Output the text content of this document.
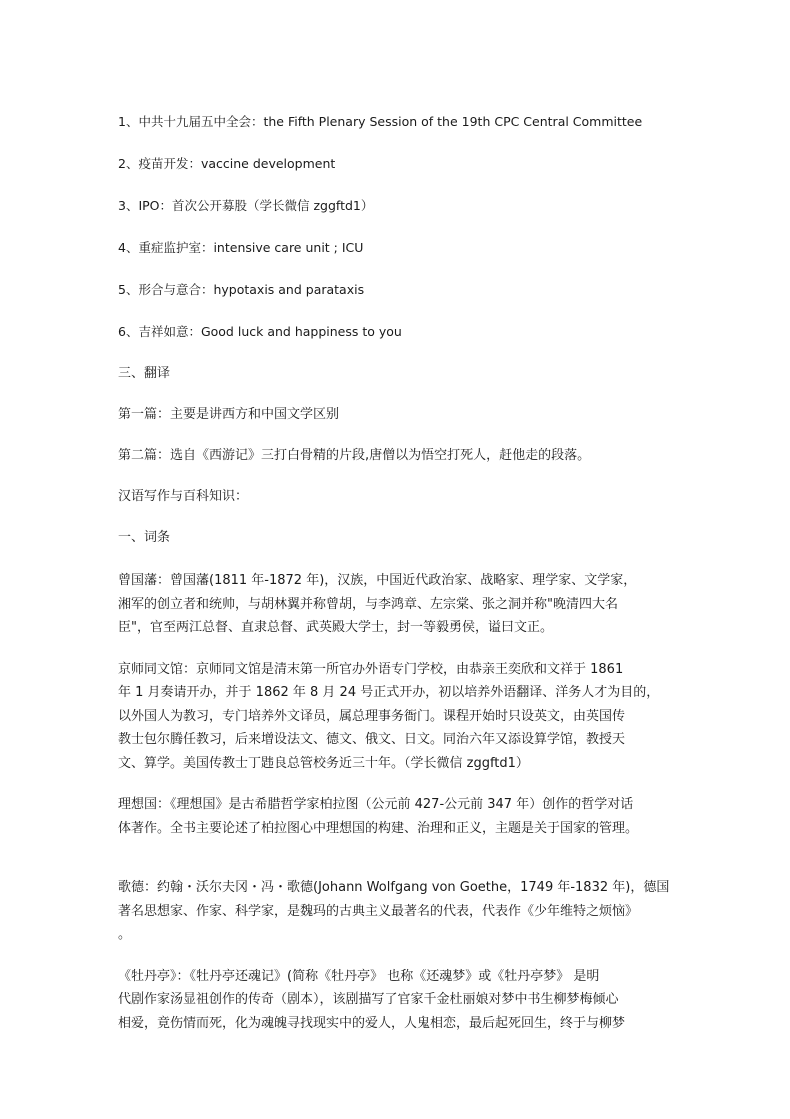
1、中共十九届五中全会：the Fifth Plenary Session of the 19th CPC Central Committee

2、疫苗开发：vaccine development

3、IPO：首次公开募股（学长微信 zggftd1）

4、重症监护室：intensive care unit ; ICU

5、形合与意合：hypotaxis and parataxis

6、吉祥如意：Good luck and happiness to you

三、翻译

第一篇：主要是讲西方和中国文学区别

第二篇：选自《西游记》三打白骨精的片段,唐僧以为悟空打死人，赶他走的段落。

汉语写作与百科知识：

一、词条

曾国藩：曾国藩(1811 年-1872 年)，汉族，中国近代政治家、战略家、理学家、文学家，
湘军的创立者和统帅，与胡林翼并称曾胡，与李鸿章、左宗棠、张之洞并称"晚清四大名
臣"，官至两江总督、直隶总督、武英殿大学士，封一等毅勇侯，谥曰文正。
京师同文馆：京师同文馆是清末第一所官办外语专门学校，由恭亲王奕欣和文祥于 1861
年 1 月奏请开办，并于 1862 年 8 月 24 号正式开办，初以培养外语翻译、洋务人才为目的，
以外国人为教习，专门培养外文译员，属总理事务衙门。课程开始时只设英文，由英国传
教士包尔腾任教习，后来增设法文、德文、俄文、日文。同治六年又添设算学馆，教授天
文、算学。美国传教士丁韪良总管校务近三十年。（学长微信 zggftd1）
理想国：《理想国》是古希腊哲学家柏拉图（公元前 427-公元前 347 年）创作的哲学对话
体著作。全书主要论述了柏拉图心中理想国的构建、治理和正义，主题是关于国家的管理。
歌德：约翰・沃尔夫冈・冯・歌德(Johann Wolfgang von Goethe，1749 年-1832 年)，德国
著名思想家、作家、科学家，是魏玛的古典主义最著名的代表，代表作《少年维特之烦恼》
。
《牡丹亭》：《牡丹亭还魂记》(简称《牡丹亭》 也称《还魂梦》或《牡丹亭梦》 是明
代剧作家汤显祖创作的传奇（剧本），该剧描写了官家千金杜丽娘对梦中书生柳梦梅倾心
相爱，竟伤情而死，化为魂魄寻找现实中的爱人，人鬼相恋，最后起死回生，终于与柳梦
